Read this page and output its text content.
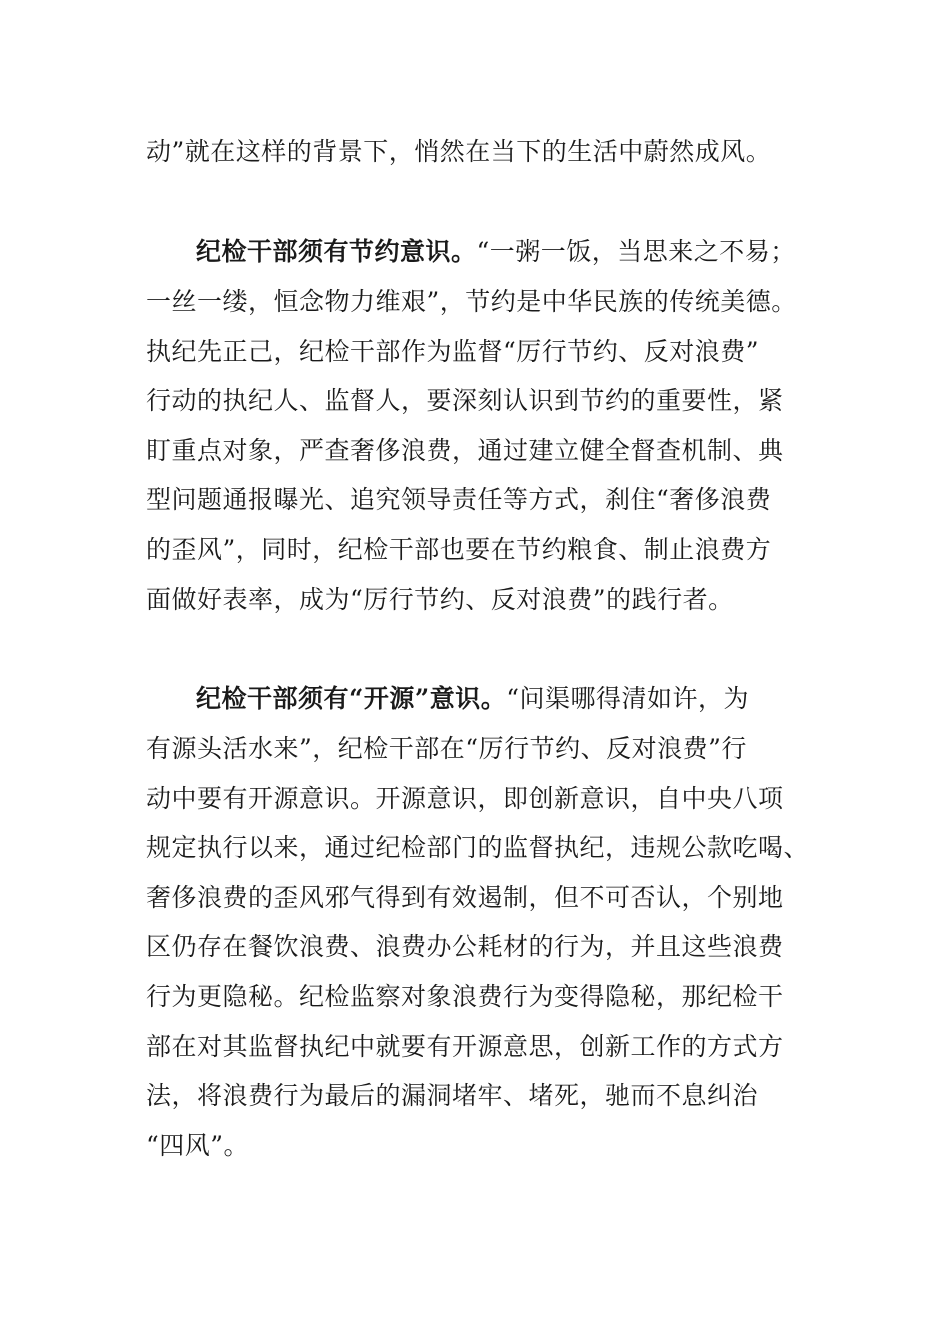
动”就在这样的背景下，悄然在当下的生活中蔚然成风。
纪检干部须有节约意识。“一粥一饭，当思来之不易；
一丝一缕，恒念物力维艰”，节约是中华民族的传统美德。
执纪先正己，纪检干部作为监督“厉行节约、反对浪费”
行动的执纪人、监督人，要深刻认识到节约的重要性，紧
盯重点对象，严查奢侈浪费，通过建立健全督查机制、典
型问题通报曝光、追究领导责任等方式，刹住“奢侈浪费
的歪风”，同时，纪检干部也要在节约粮食、制止浪费方
面做好表率，成为“厉行节约、反对浪费”的践行者。
纪检干部须有“开源”意识。“问渠哪得清如许，为
有源头活水来”，纪检干部在“厉行节约、反对浪费”行
动中要有开源意识。开源意识，即创新意识，自中央八项
规定执行以来，通过纪检部门的监督执纪，违规公款吃喝、
奢侈浪费的歪风邪气得到有效遏制，但不可否认，个别地
区仍存在餐饮浪费、浪费办公耗材的行为，并且这些浪费
行为更隐秘。纪检监察对象浪费行为变得隐秘，那纪检干
部在对其监督执纪中就要有开源意思，创新工作的方式方
法，将浪费行为最后的漏洞堵牢、堵死，驰而不息纠治
“四风”。
